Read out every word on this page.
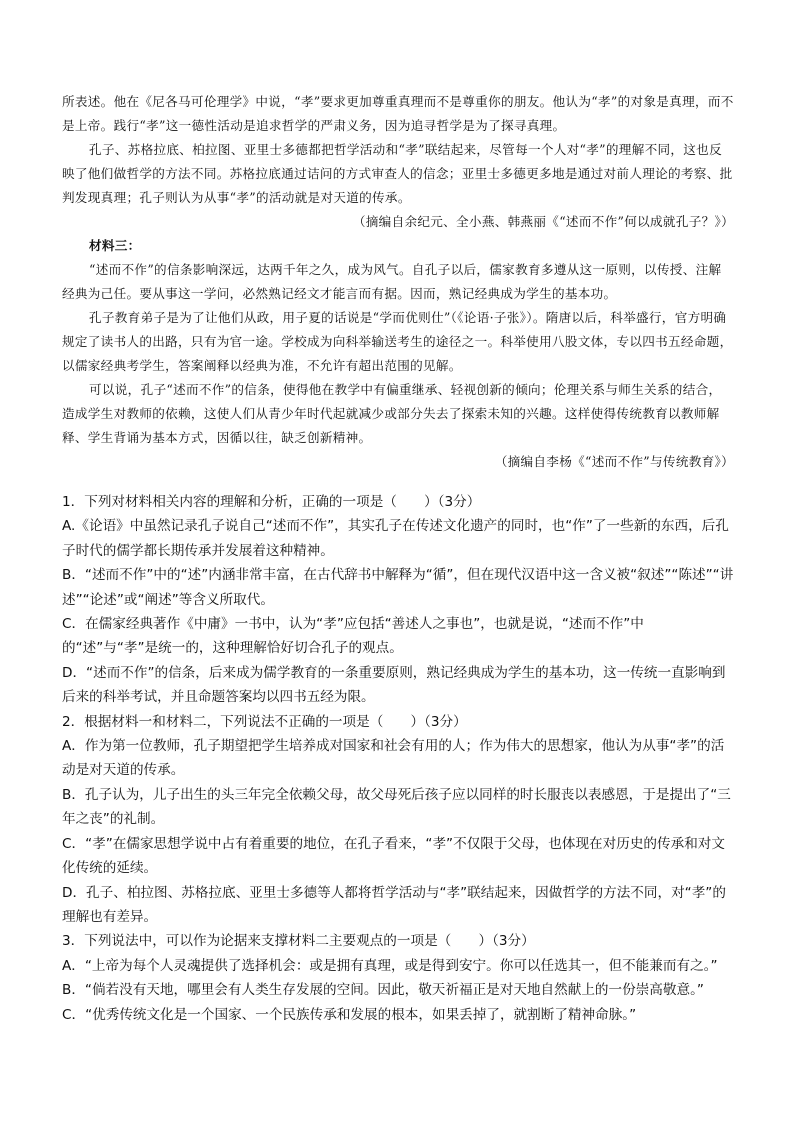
所表述。他在《尼各马可伦理学》中说，“孝”要求更加尊重真理而不是尊重你的朋友。他认为“孝”的对象是真理，而不是上帝。践行“孝”这一德性活动是追求哲学的严肃义务，因为追寻哲学是为了探寻真理。

孔子、苏格拉底、柏拉图、亚里士多德都把哲学活动和“孝”联结起来，尽管每一个人对“孝”的理解不同，这也反映了他们做哲学的方法不同。苏格拉底通过诘问的方式审查人的信念；亚里士多德更多地是通过对前人理论的考察、批判发现真理；孔子则认为从事“孝”的活动就是对天道的传承。

（摘编自余纪元、全小燕、韩燕丽《“述而不作”何以成就孔子？》）

材料三：

“述而不作”的信条影响深远，达两千年之久，成为风气。自孔子以后，儒家教育多遵从这一原则，以传授、注解经典为己任。要从事这一学问，必然熟记经文才能言而有据。因而，熟记经典成为学生的基本功。

孔子教育弟子是为了让他们从政，用子夏的话说是“学而优则仕”（《论语·子张》）。隋唐以后，科举盛行，官方明确规定了读书人的出路，只有为官一途。学校成为向科举输送考生的途径之一。科举使用八股文体，专以四书五经命题，以儒家经典考学生，答案阐释以经典为准，不允许有超出范围的见解。

可以说，孔子“述而不作”的信条，使得他在教学中有偏重继承、轻视创新的倾向；伦理关系与师生关系的结合，造成学生对教师的依赖，这使人们从青少年时代起就减少或部分失去了探索未知的兴趣。这样使得传统教育以教师解释、学生背诵为基本方式，因循以往，缺乏创新精神。

（摘编自李杨《“述而不作”与传统教育》）

1．下列对材料相关内容的理解和分析，正确的一项是（　　）（3分）

A.《论语》中虽然记录孔子说自己“述而不作”，其实孔子在传述文化遗产的同时，也“作”了一些新的东西，后孔子时代的儒学都长期传承并发展着这种精神。

B．“述而不作”中的“述”内涵非常丰富，在古代辞书中解释为“循”，但在现代汉语中这一含义被“叙述”“陈述”“讲述”“论述”或“阐述”等含义所取代。

C．在儒家经典著作《中庸》一书中，认为“孝”应包括“善述人之事也”，也就是说，“述而不作”中的“述”与“孝”是统一的，这种理解恰好切合孔子的观点。

D．“述而不作”的信条，后来成为儒学教育的一条重要原则，熟记经典成为学生的基本功，这一传统一直影响到后来的科举考试，并且命题答案均以四书五经为限。

2．根据材料一和材料二，下列说法不正确的一项是（　　）（3分）

A．作为第一位教师，孔子期望把学生培养成对国家和社会有用的人；作为伟大的思想家，他认为从事“孝”的活动是对天道的传承。

B．孔子认为，儿子出生的头三年完全依赖父母，故父母死后孩子应以同样的时长服丧以表感恩，于是提出了“三年之丧”的礼制。

C．“孝”在儒家思想学说中占有着重要的地位，在孔子看来，“孝”不仅限于父母，也体现在对历史的传承和对文化传统的延续。

D．孔子、柏拉图、苏格拉底、亚里士多德等人都将哲学活动与“孝”联结起来，因做哲学的方法不同，对“孝”的理解也有差异。

3．下列说法中，可以作为论据来支撑材料二主要观点的一项是（　　）（3分）

A．“上帝为每个人灵魂提供了选择机会：或是拥有真理，或是得到安宁。你可以任选其一，但不能兼而有之。”

B．“倘若没有天地，哪里会有人类生存发展的空间。因此，敬天祈福正是对天地自然献上的一份崇高敬意。”

C．“优秀传统文化是一个国家、一个民族传承和发展的根本，如果丢掉了，就割断了精神命脉。”
